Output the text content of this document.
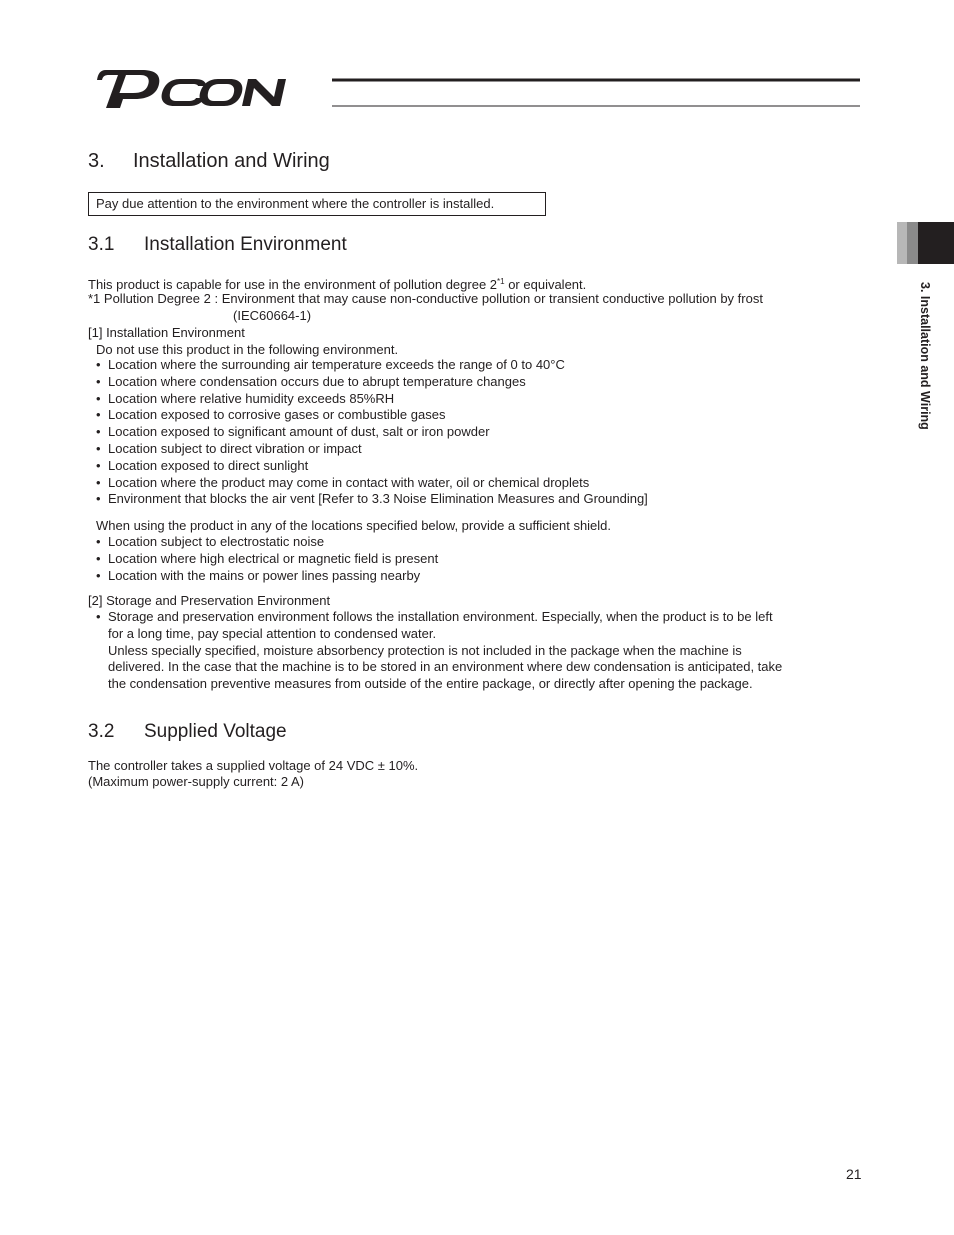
3. Installation and Wiring
3. Installation and Wiring
Pay due attention to the environment where the controller is installed.
3.1 Installation Environment
This product is capable for use in the environment of pollution degree 2$^{*1}$ or equivalent.
*1 Pollution Degree 2 : Environment that may cause non-conductive pollution or transient conductive pollution by frost
(IEC60664-1)
[1] Installation Environment
Do not use this product in the following environment.
• Location where the surrounding air temperature exceeds the range of 0 to 40°C
• Location where condensation occurs due to abrupt temperature changes
• Location where relative humidity exceeds 85%RH
• Location exposed to corrosive gases or combustible gases
• Location exposed to significant amount of dust, salt or iron powder
• Location subject to direct vibration or impact
• Location exposed to direct sunlight
• Location where the product may come in contact with water, oil or chemical droplets
• Environment that blocks the air vent [Refer to 3.3 Noise Elimination Measures and Grounding]
When using the product in any of the locations specified below, provide a sufficient shield.
• Location subject to electrostatic noise
• Location where high electrical or magnetic field is present
• Location with the mains or power lines passing nearby
[2] Storage and Preservation Environment
• Storage and preservation environment follows the installation environment. Especially, when the product is to be left
for a long time, pay special attention to condensed water.
Unless specially specified, moisture absorbency protection is not included in the package when the machine is
delivered. In the case that the machine is to be stored in an environment where dew condensation is anticipated, take
the condensation preventive measures from outside of the entire package, or directly after opening the package.
3.2 Supplied Voltage
The controller takes a supplied voltage of 24 VDC ± 10%.
(Maximum power-supply current: 2 A)
21
